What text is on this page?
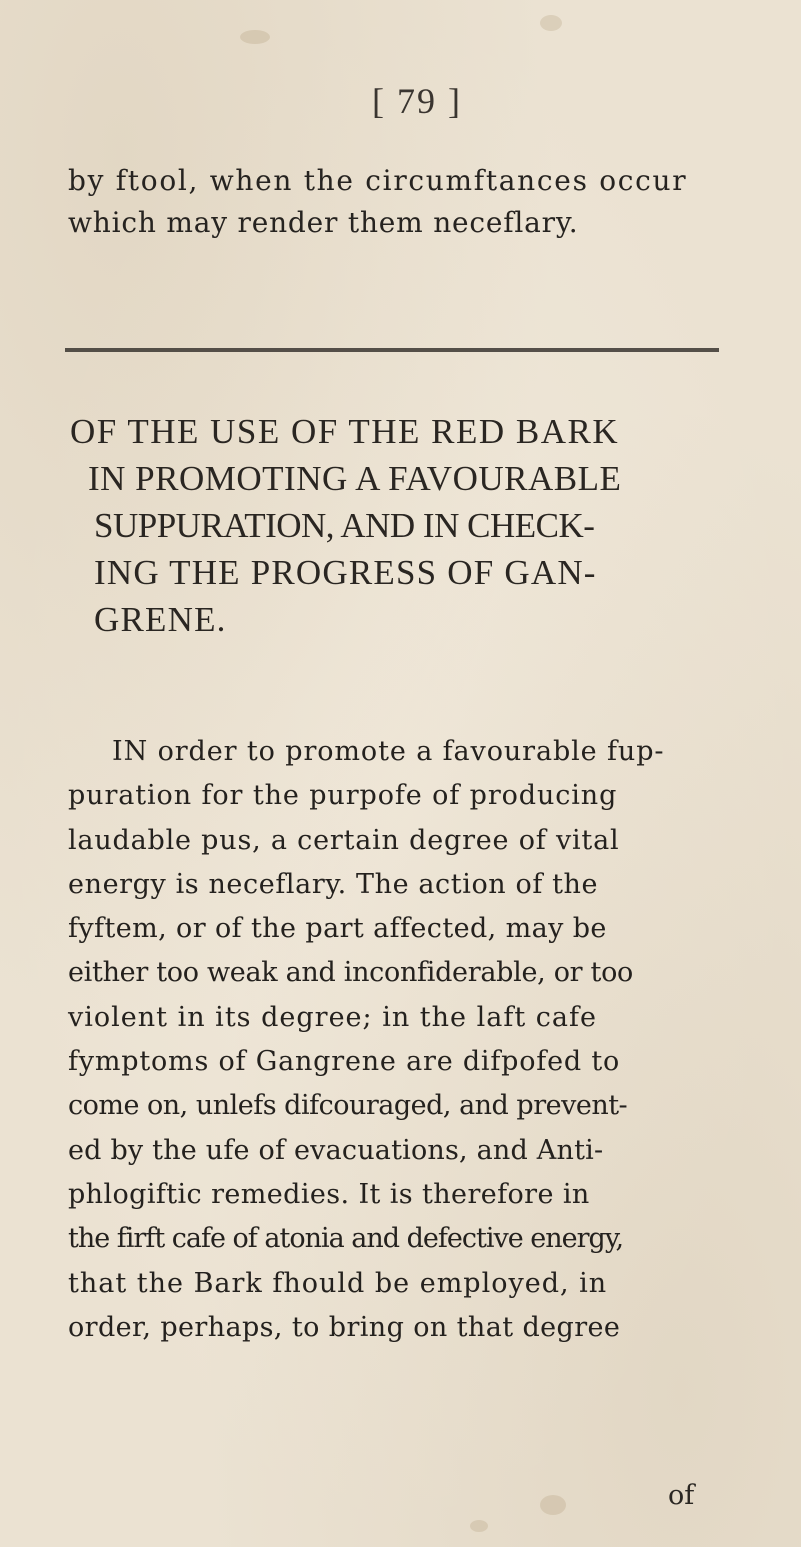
[ 79 ]
by ftool, when the circumftances occur
which may render them neceflary.
OF THE USE OF THE RED BARK
IN PROMOTING A FAVOURABLE
SUPPURATION, AND IN CHECK-
ING THE PROGRESS OF GAN-
GRENE.
IN order to promote a favourable fup-
puration for the purpofe of producing
laudable pus, a certain degree of vital
energy is neceflary. The action of the
fyftem, or of the part affected, may be
either too weak and inconfiderable, or too
violent in its degree; in the laft cafe
fymptoms of Gangrene are difpofed to
come on, unlefs difcouraged, and prevent-
ed by the ufe of evacuations, and Anti-
phlogiftic remedies. It is therefore in
the firft cafe of atonia and defective energy,
that the Bark fhould be employed, in
order, perhaps, to bring on that degree
of
